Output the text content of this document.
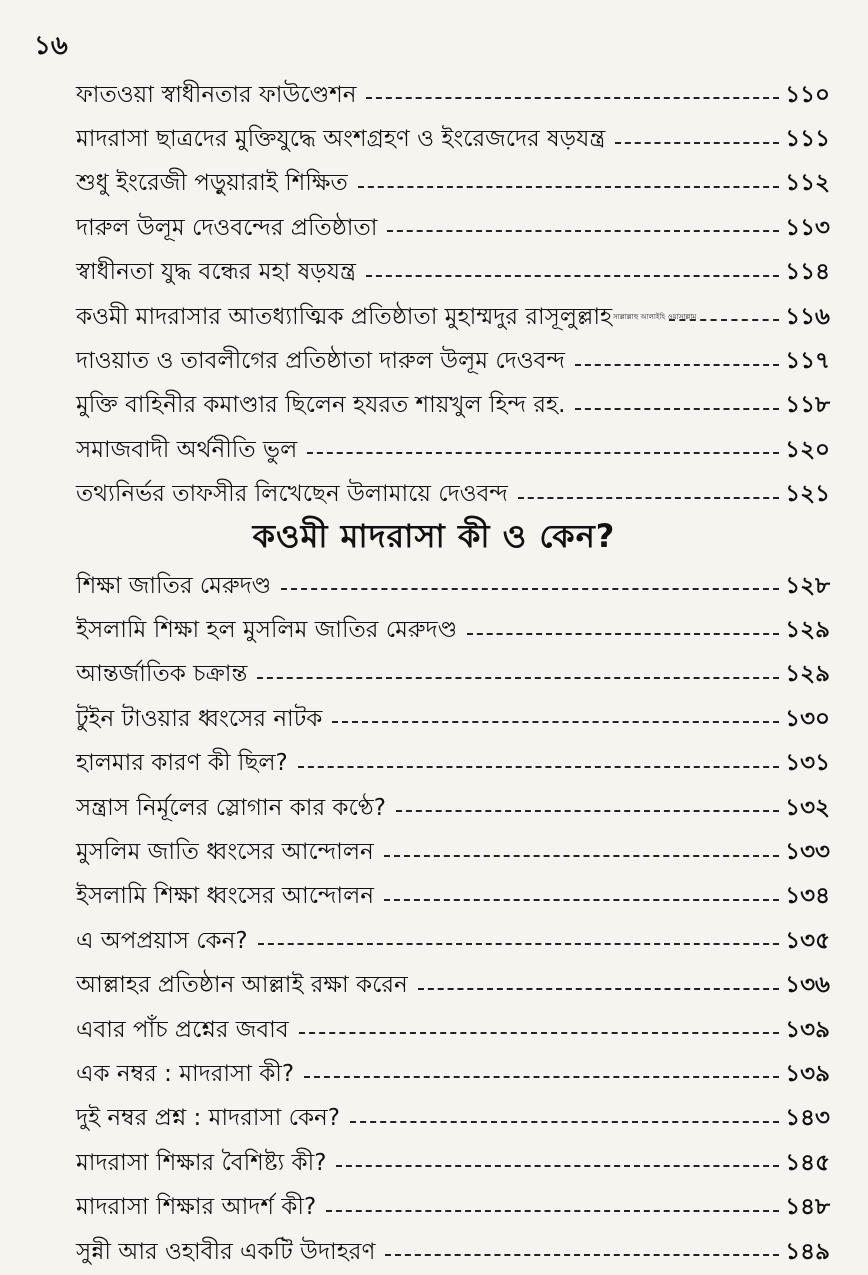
১৬
ফাতওয়া স্বাধীনতার ফাউণ্ডেশন	১১০
মাদরাসা ছাত্রদের মুক্তিযুদ্ধে অংশগ্রহণ ও ইংরেজদের ষড়যন্ত্র	১১১
শুধু ইংরেজী পড়ুয়ারাই শিক্ষিত	১১২
দারুল উলূম দেওবন্দের প্রতিষ্ঠাতা	১১৩
স্বাধীনতা যুদ্ধ বন্ধের মহা ষড়যন্ত্র	১১৪
কওমী মাদরাসার আতধ্যাত্মিক প্রতিষ্ঠাতা মুহাম্মদুর রাসূলুল্লাহ সাল্লাল্লাহু আলাইহি ওয়াসাল্লাম	১১৬
দাওয়াত ও তাবলীগের প্রতিষ্ঠাতা দারুল উলূম দেওবন্দ	১১৭
মুক্তি বাহিনীর কমাণ্ডার ছিলেন হযরত শায়খুল হিন্দ রহ.	১১৮
সমাজবাদী অর্থনীতি ভুল	১২০
তথ্যনির্ভর তাফসীর লিখেছেন উলামায়ে দেওবন্দ	১২১
কওমী মাদরাসা কী ও কেন?
শিক্ষা জাতির মেরুদণ্ড	১২৮
ইসলামি শিক্ষা হল মুসলিম জাতির মেরুদণ্ড	১২৯
আন্তর্জাতিক চক্রান্ত	১২৯
টুইন টাওয়ার ধ্বংসের নাটক	১৩০
হালমার কারণ কী ছিল?	১৩১
সন্ত্রাস নির্মূলের স্লোগান কার কণ্ঠে?	১৩২
মুসলিম জাতি ধ্বংসের আন্দোলন	১৩৩
ইসলামি শিক্ষা ধ্বংসের আন্দোলন	১৩৪
এ অপপ্রয়াস কেন?	১৩৫
আল্লাহর প্রতিষ্ঠান আল্লাই রক্ষা করেন	১৩৬
এবার পাঁচ প্রশ্নের জবাব	১৩৯
এক নম্বর : মাদরাসা কী?	১৩৯
দুই নম্বর প্রশ্ন : মাদরাসা কেন?	১৪৩
মাদরাসা শিক্ষার বৈশিষ্ট্য কী?	১৪৫
মাদরাসা শিক্ষার আদর্শ কী?	১৪৮
সুন্নী আর ওহাবীর একটি উদাহরণ	১৪৯
